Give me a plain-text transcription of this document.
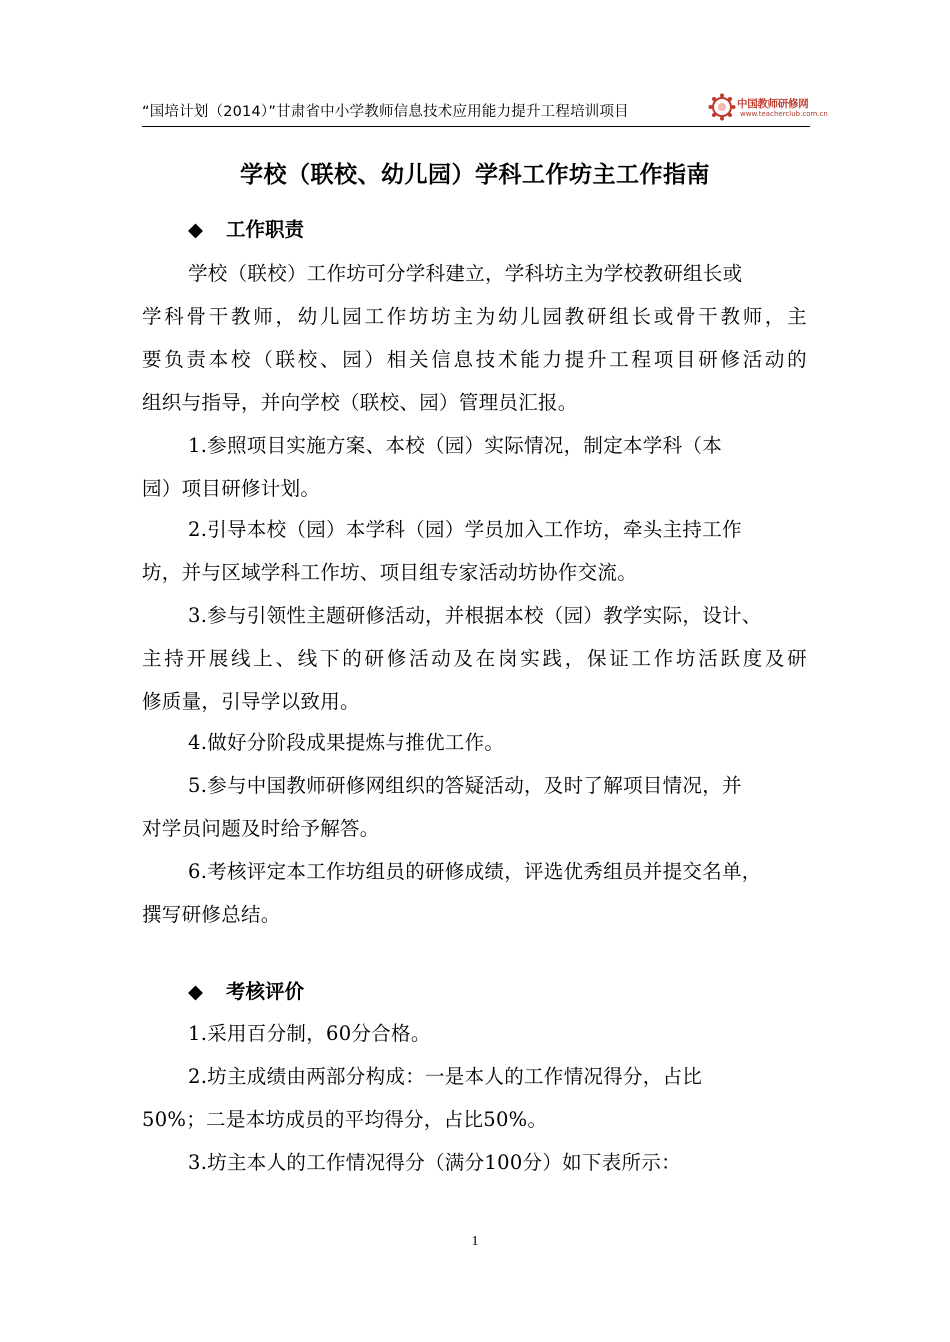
“国培计划（2014）”甘肃省中小学教师信息技术应用能力提升工程培训项目	中国教师研修网
www.teacherclub.com.cn
学校（联校、幼儿园）学科工作坊主工作指南
◆ 工作职责
学校（联校）工作坊可分学科建立，学科坊主为学校教研组长或
学科骨干教师，幼儿园工作坊坊主为幼儿园教研组长或骨干教师，主
要负责本校（联校、园）相关信息技术能力提升工程项目研修活动的
组织与指导，并向学校（联校、园）管理员汇报。
1.参照项目实施方案、本校（园）实际情况，制定本学科（本
园）项目研修计划。
2.引导本校（园）本学科（园）学员加入工作坊，牵头主持工作
坊，并与区域学科工作坊、项目组专家活动坊协作交流。
3.参与引领性主题研修活动，并根据本校（园）教学实际，设计、
主持开展线上、线下的研修活动及在岗实践，保证工作坊活跃度及研
修质量，引导学以致用。
4.做好分阶段成果提炼与推优工作。
5.参与中国教师研修网组织的答疑活动，及时了解项目情况，并
对学员问题及时给予解答。
6.考核评定本工作坊组员的研修成绩，评选优秀组员并提交名单，
撰写研修总结。
◆ 考核评价
1.采用百分制，60分合格。
2.坊主成绩由两部分构成：一是本人的工作情况得分，占比
50%；二是本坊成员的平均得分，占比50%。
3.坊主本人的工作情况得分（满分100分）如下表所示：
1
